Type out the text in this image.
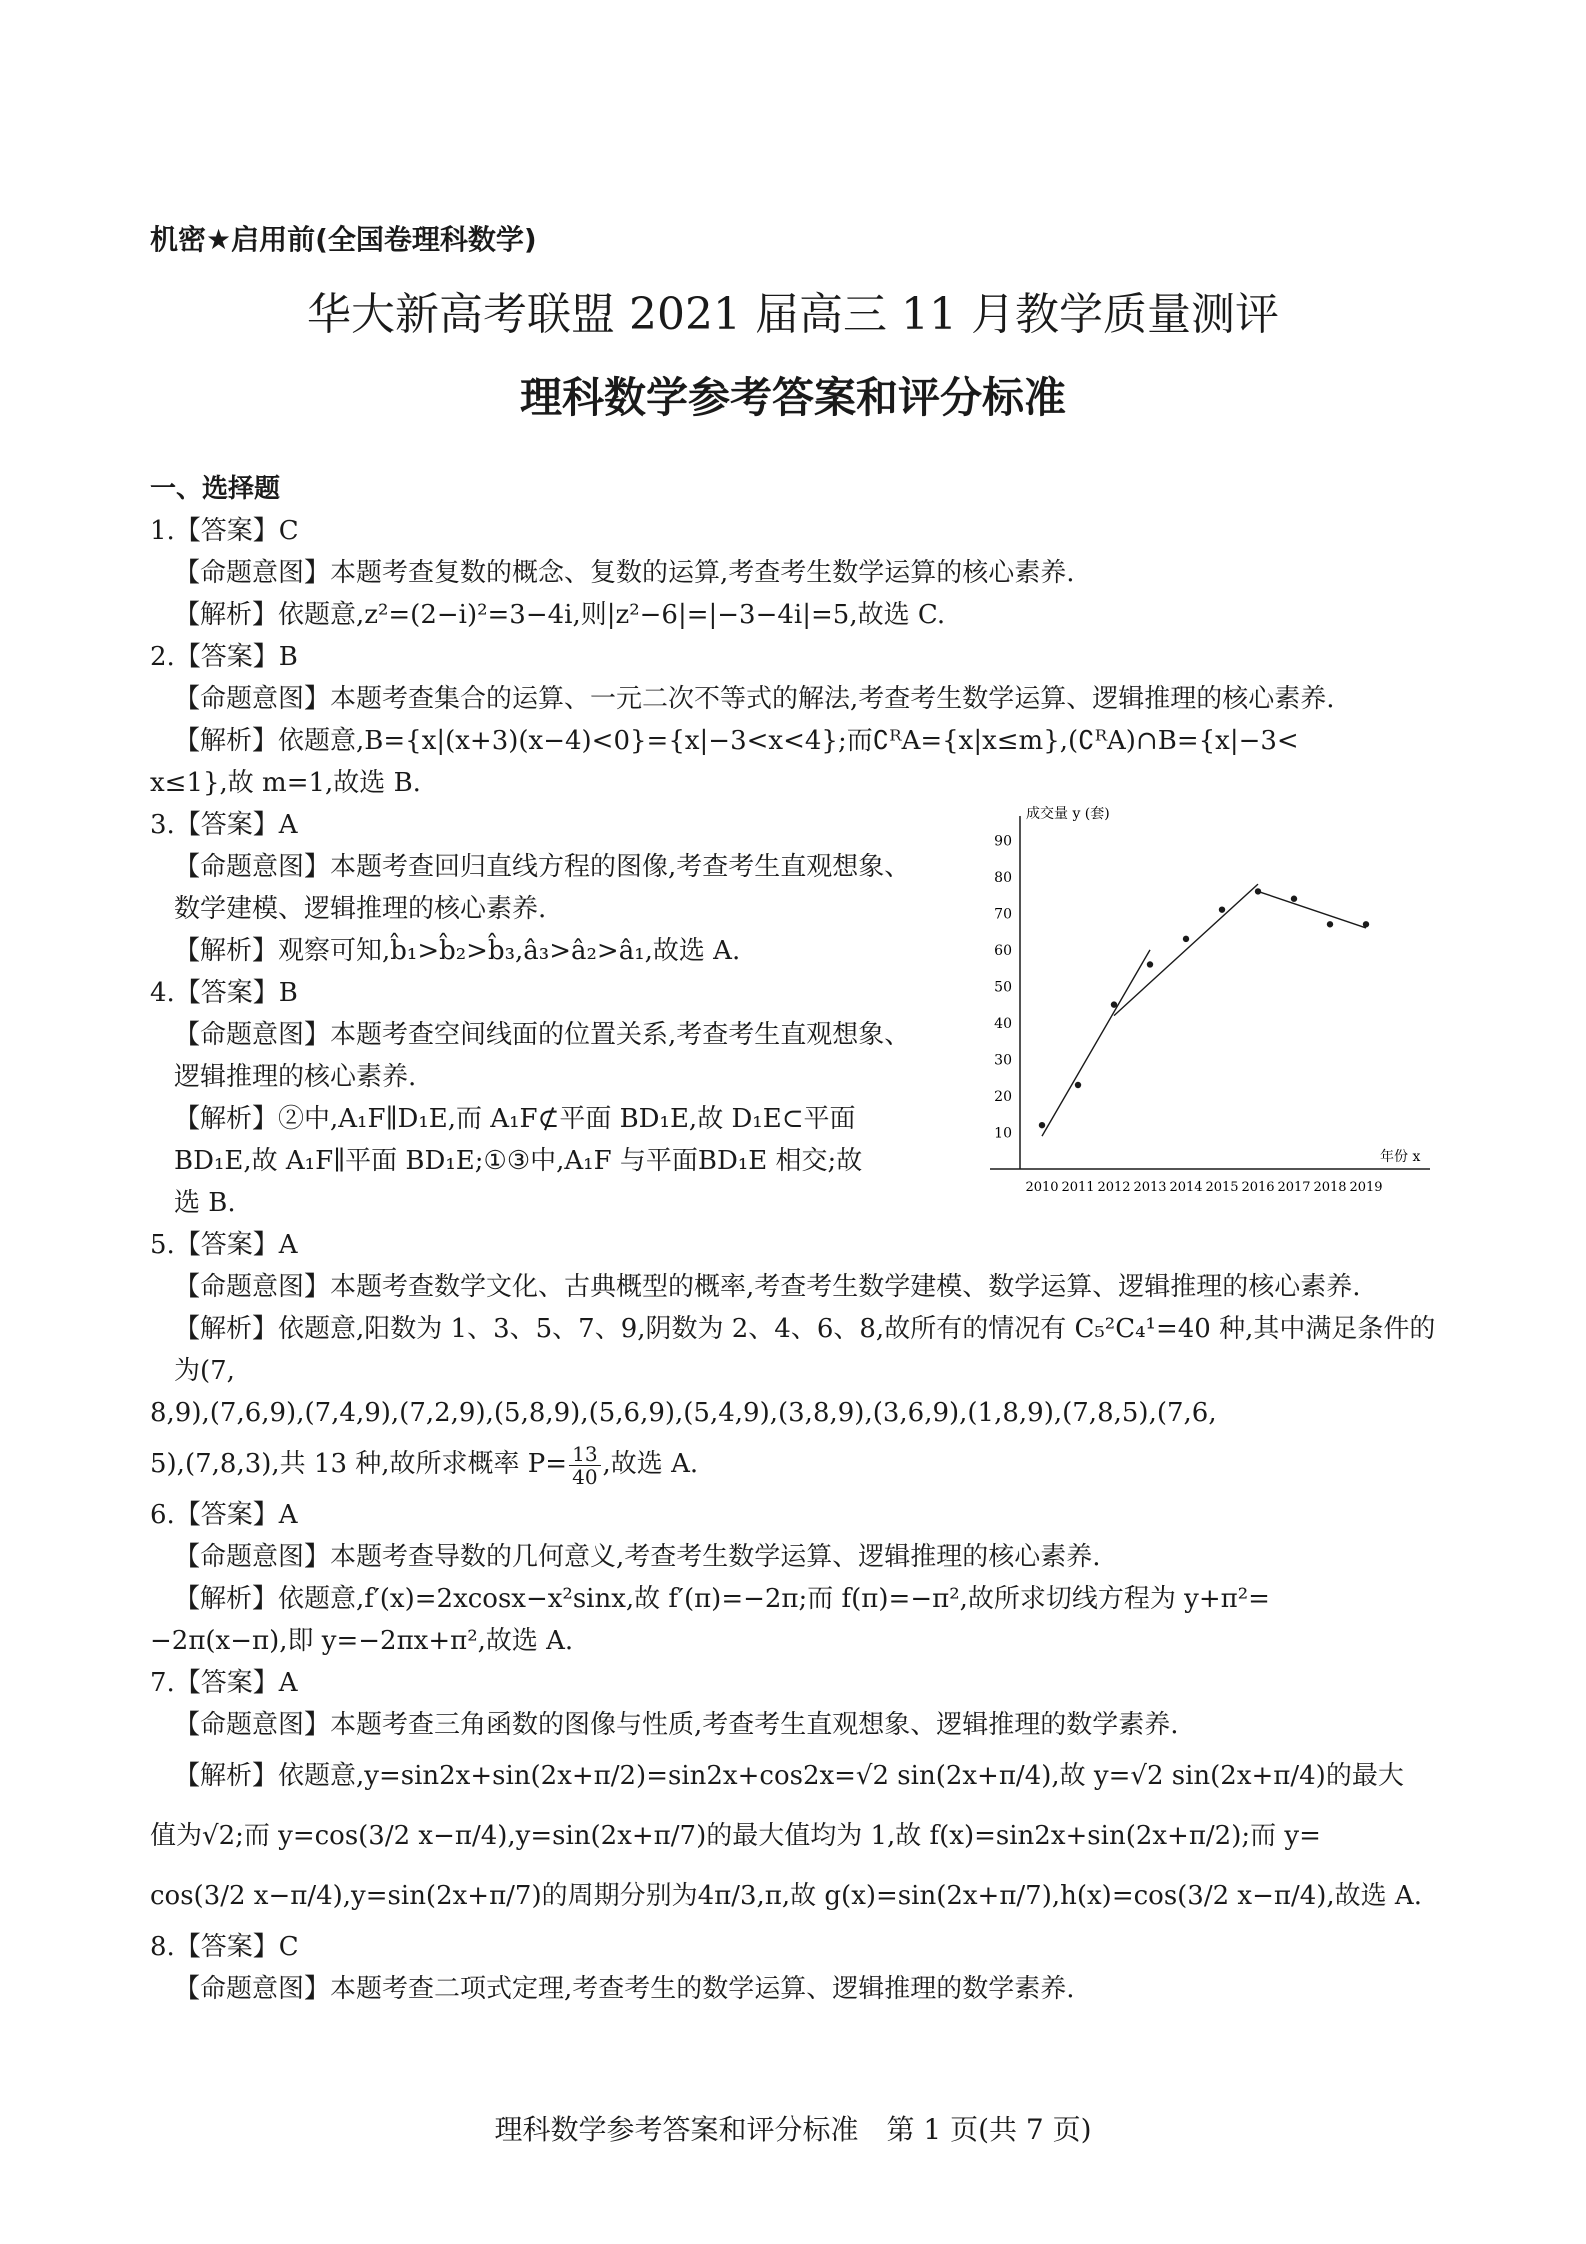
机密★启用前(全国卷理科数学)
华大新高考联盟 2021 届高三 11 月教学质量测评
理科数学参考答案和评分标准
一、选择题
1.【答案】C
【命题意图】本题考查复数的概念、复数的运算,考查考生数学运算的核心素养.
【解析】依题意,z²=(2−i)²=3−4i,则|z²−6|=|−3−4i|=5,故选 C.
2.【答案】B
【命题意图】本题考查集合的运算、一元二次不等式的解法,考查考生数学运算、逻辑推理的核心素养.
【解析】依题意,B={x|(x+3)(x−4)<0}={x|−3<x<4};而∁ᴿA={x|x≤m},(∁ᴿA)∩B={x|−3<
x≤1},故 m=1,故选 B.
3.【答案】A
【命题意图】本题考查回归直线方程的图像,考查考生直观想象、
数学建模、逻辑推理的核心素养.
【解析】观察可知,b̂₁>b̂₂>b̂₃,â₃>â₂>â₁,故选 A.
4.【答案】B
【命题意图】本题考查空间线面的位置关系,考查考生直观想象、
逻辑推理的核心素养.
【解析】②中,A₁F∥D₁E,而 A₁F⊄平面 BD₁E,故 D₁E⊂平面
BD₁E,故 A₁F∥平面 BD₁E;①③中,A₁F 与平面BD₁E 相交;故
选 B.
成交量 y (套)
年份 x
10
20
30
40
50
60
70
80
90
2010 2011 2012 2013 2014 2015 2016 2017 2018 2019
5.【答案】A
【命题意图】本题考查数学文化、古典概型的概率,考查考生数学建模、数学运算、逻辑推理的核心素养.
【解析】依题意,阳数为 1、3、5、7、9,阴数为 2、4、6、8,故所有的情况有 C₅²C₄¹=40 种,其中满足条件的为(7,
8,9),(7,6,9),(7,4,9),(7,2,9),(5,8,9),(5,6,9),(5,4,9),(3,8,9),(3,6,9),(1,8,9),(7,8,5),(7,6,
5),(7,8,3),共 13 种,故所求概率 $P= \frac{13}{40}$ ,故选 A.
6.【答案】A
【命题意图】本题考查导数的几何意义,考查考生数学运算、逻辑推理的核心素养.
【解析】依题意,f′(x)=2xcosx−x²sinx,故 f′(π)=−2π;而 f(π)=−π²,故所求切线方程为 y+π²=
−2π(x−π),即 y=−2πx+π²,故选 A.
7.【答案】A
【命题意图】本题考查三角函数的图像与性质,考查考生直观想象、逻辑推理的数学素养.
【解析】依题意,y=sin2x+sin(2x+π/2)=sin2x+cos2x=√2 sin(2x+π/4),故 y=√2 sin(2x+π/4)的最大
值为√2;而 y=cos(3/2 x−π/4),y=sin(2x+π/7)的最大值均为 1,故 f(x)=sin2x+sin(2x+π/2);而 y=
cos(3/2 x−π/4),y=sin(2x+π/7)的周期分别为4π/3,π,故 g(x)=sin(2x+π/7),h(x)=cos(3/2 x−π/4),故选 A.
8.【答案】C
【命题意图】本题考查二项式定理,考查考生的数学运算、逻辑推理的数学素养.
理科数学参考答案和评分标准　第 1 页(共 7 页)
